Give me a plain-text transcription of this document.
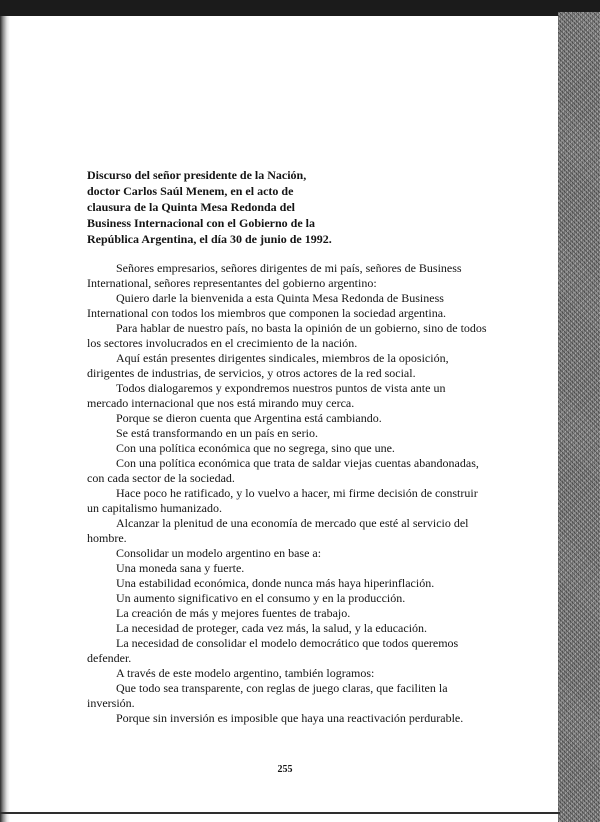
Discurso del señor presidente de la Nación,
doctor Carlos Saúl Menem, en el acto de
clausura de la Quinta Mesa Redonda del
Business Internacional con el Gobierno de la
República Argentina, el día 30 de junio de 1992.

Señores empresarios, señores dirigentes de mi país, señores de Business International, señores representantes del gobierno argentino:

Quiero darle la bienvenida a esta Quinta Mesa Redonda de Business International con todos los miembros que componen la sociedad argentina.

Para hablar de nuestro país, no basta la opinión de un gobierno, sino de todos los sectores involucrados en el crecimiento de la nación.

Aquí están presentes dirigentes sindicales, miembros de la oposición, dirigentes de industrias, de servicios, y otros actores de la red social.

Todos dialogaremos y expondremos nuestros puntos de vista ante un mercado internacional que nos está mirando muy cerca.

Porque se dieron cuenta que Argentina está cambiando.

Se está transformando en un país en serio.

Con una política económica que no segrega, sino que une.

Con una política económica que trata de saldar viejas cuentas abandonadas, con cada sector de la sociedad.

Hace poco he ratificado, y lo vuelvo a hacer, mi firme decisión de construir un capitalismo humanizado.

Alcanzar la plenitud de una economía de mercado que esté al servicio del hombre.

Consolidar un modelo argentino en base a:

Una moneda sana y fuerte.

Una estabilidad económica, donde nunca más haya hiperinflación.

Un aumento significativo en el consumo y en la producción.

La creación de más y mejores fuentes de trabajo.

La necesidad de proteger, cada vez más, la salud, y la educación.

La necesidad de consolidar el modelo democrático que todos queremos defender.

A través de este modelo argentino, también logramos:

Que todo sea transparente, con reglas de juego claras, que faciliten la inversión.

Porque sin inversión es imposible que haya una reactivación perdurable.

255
